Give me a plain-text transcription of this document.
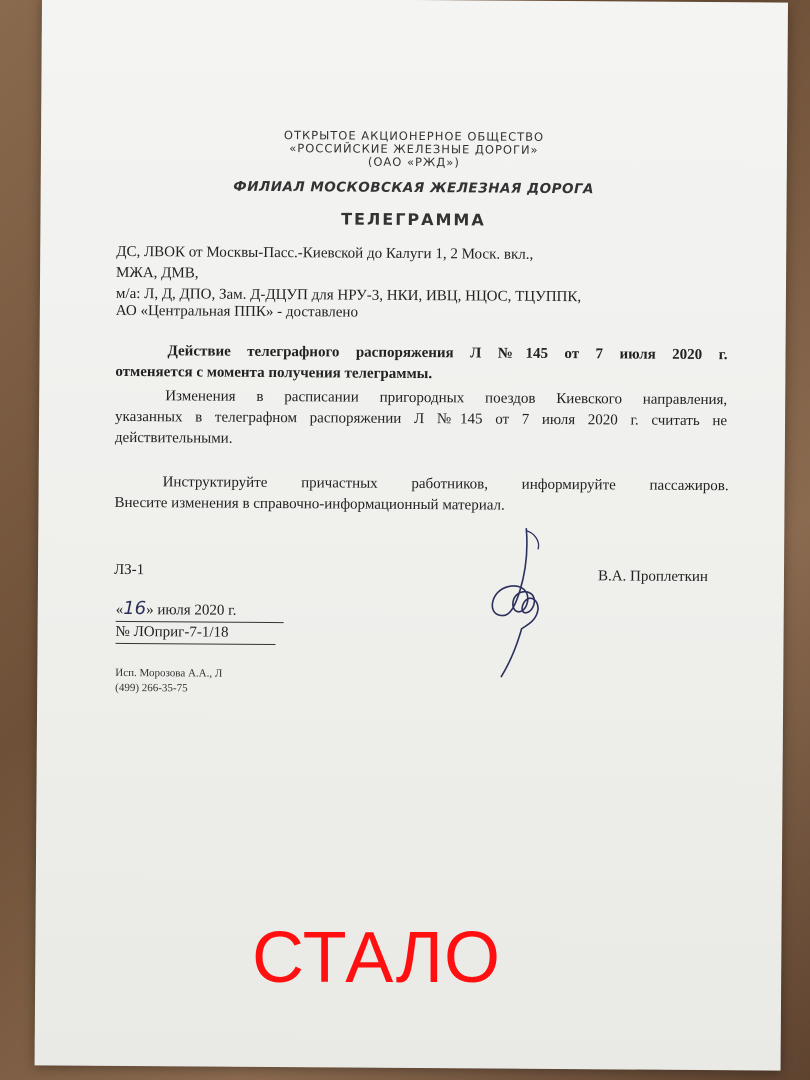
ОТКРЫТОЕ АКЦИОНЕРНОЕ ОБЩЕСТВО
«РОССИЙСКИЕ ЖЕЛЕЗНЫЕ ДОРОГИ»
(ОАО «РЖД»)
ФИЛИАЛ МОСКОВСКАЯ ЖЕЛЕЗНАЯ ДОРОГА
ТЕЛЕГРАММА
ДС, ЛВОК от Москвы-Пасс.-Киевской до Калуги 1, 2 Моск. вкл.,
МЖА, ДМВ,
м/а: Л, Д, ДПО, Зам. Д-ДЦУП для НРУ-3, НКИ, ИВЦ, НЦОС, ТЦУППК,
АО «Центральная ППК» - доставлено
Действие телеграфного распоряжения Л №145 от 7 июля 2020 г.
отменяется с момента получения телеграммы.
Изменения в расписании пригородных поездов Киевского направления,
указанных в телеграфном распоряжении Л №145 от 7 июля 2020 г. считать не
действительными.
Инструктируйте причастных работников, информируйте пассажиров.
Внесите изменения в справочно-информационный материал.
ЛЗ-1	В.А. Проплеткин
«16» июля 2020 г.
№ ЛОприг-7-1/18
Исп. Морозова А.А., Л
(499) 266-35-75
СТАЛО
